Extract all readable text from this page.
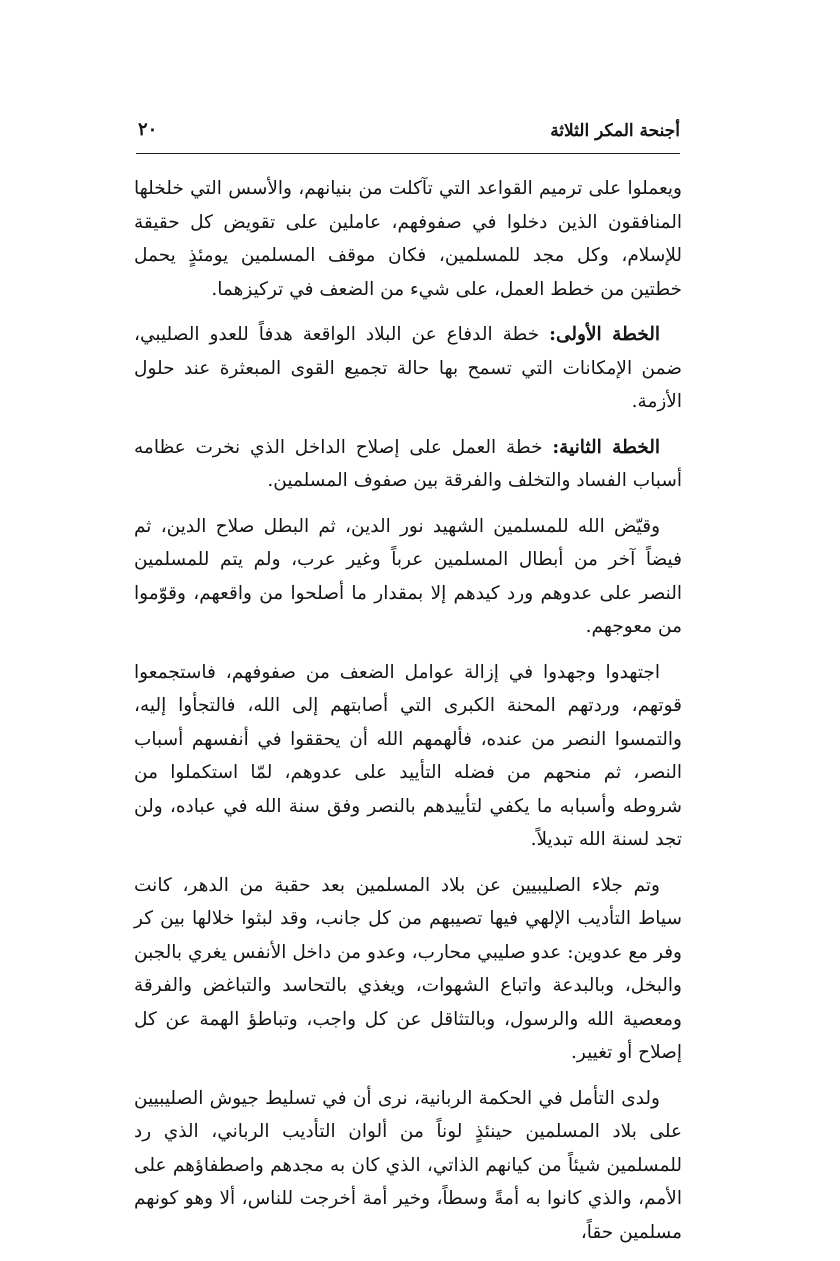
أجنحة المكر الثلاثة
٢٠

ويعملوا على ترميم القواعد التي تآكلت من بنيانهم، والأسس التي خلخلها المنافقون الذين دخلوا في صفوفهم، عاملين على تقويض كل حقيقة للإسلام، وكل مجد للمسلمين، فكان موقف المسلمين يومئذٍ يحمل خطتين من خطط العمل، على شيء من الضعف في تركيزهما.

الخطة الأولى: خطة الدفاع عن البلاد الواقعة هدفاً للعدو الصليبي، ضمن الإمكانات التي تسمح بها حالة تجميع القوى المبعثرة عند حلول الأزمة.

الخطة الثانية: خطة العمل على إصلاح الداخل الذي نخرت عظامه أسباب الفساد والتخلف والفرقة بين صفوف المسلمين.

وقيّض الله للمسلمين الشهيد نور الدين، ثم البطل صلاح الدين، ثم فيضاً آخر من أبطال المسلمين عرباً وغير عرب، ولم يتم للمسلمين النصر على عدوهم ورد كيدهم إلا بمقدار ما أصلحوا من واقعهم، وقوّموا من معوجهم.

اجتهدوا وجهدوا في إزالة عوامل الضعف من صفوفهم، فاستجمعوا قوتهم، وردتهم المحنة الكبرى التي أصابتهم إلى الله، فالتجأوا إليه، والتمسوا النصر من عنده، فألهمهم الله أن يحققوا في أنفسهم أسباب النصر، ثم منحهم من فضله التأييد على عدوهم، لمّا استكملوا من شروطه وأسبابه ما يكفي لتأييدهم بالنصر وفق سنة الله في عباده، ولن تجد لسنة الله تبديلاً.

وتم جلاء الصليبيين عن بلاد المسلمين بعد حقبة من الدهر، كانت سياط التأديب الإلهي فيها تصيبهم من كل جانب، وقد لبثوا خلالها بين كر وفر مع عدوين: عدو صليبي محارب، وعدو من داخل الأنفس يغري بالجبن والبخل، وبالبدعة واتباع الشهوات، ويغذي بالتحاسد والتباغض والفرقة ومعصية الله والرسول، وبالتثاقل عن كل واجب، وتباطؤ الهمة عن كل إصلاح أو تغيير.

ولدى التأمل في الحكمة الربانية، نرى أن في تسليط جيوش الصليبيين على بلاد المسلمين حينئذٍ لوناً من ألوان التأديب الرباني، الذي رد للمسلمين شيئاً من كيانهم الذاتي، الذي كان به مجدهم واصطفاؤهم على الأمم، والذي كانوا به أمةً وسطاً، وخير أمة أخرجت للناس، ألا وهو كونهم مسلمين حقاً،
